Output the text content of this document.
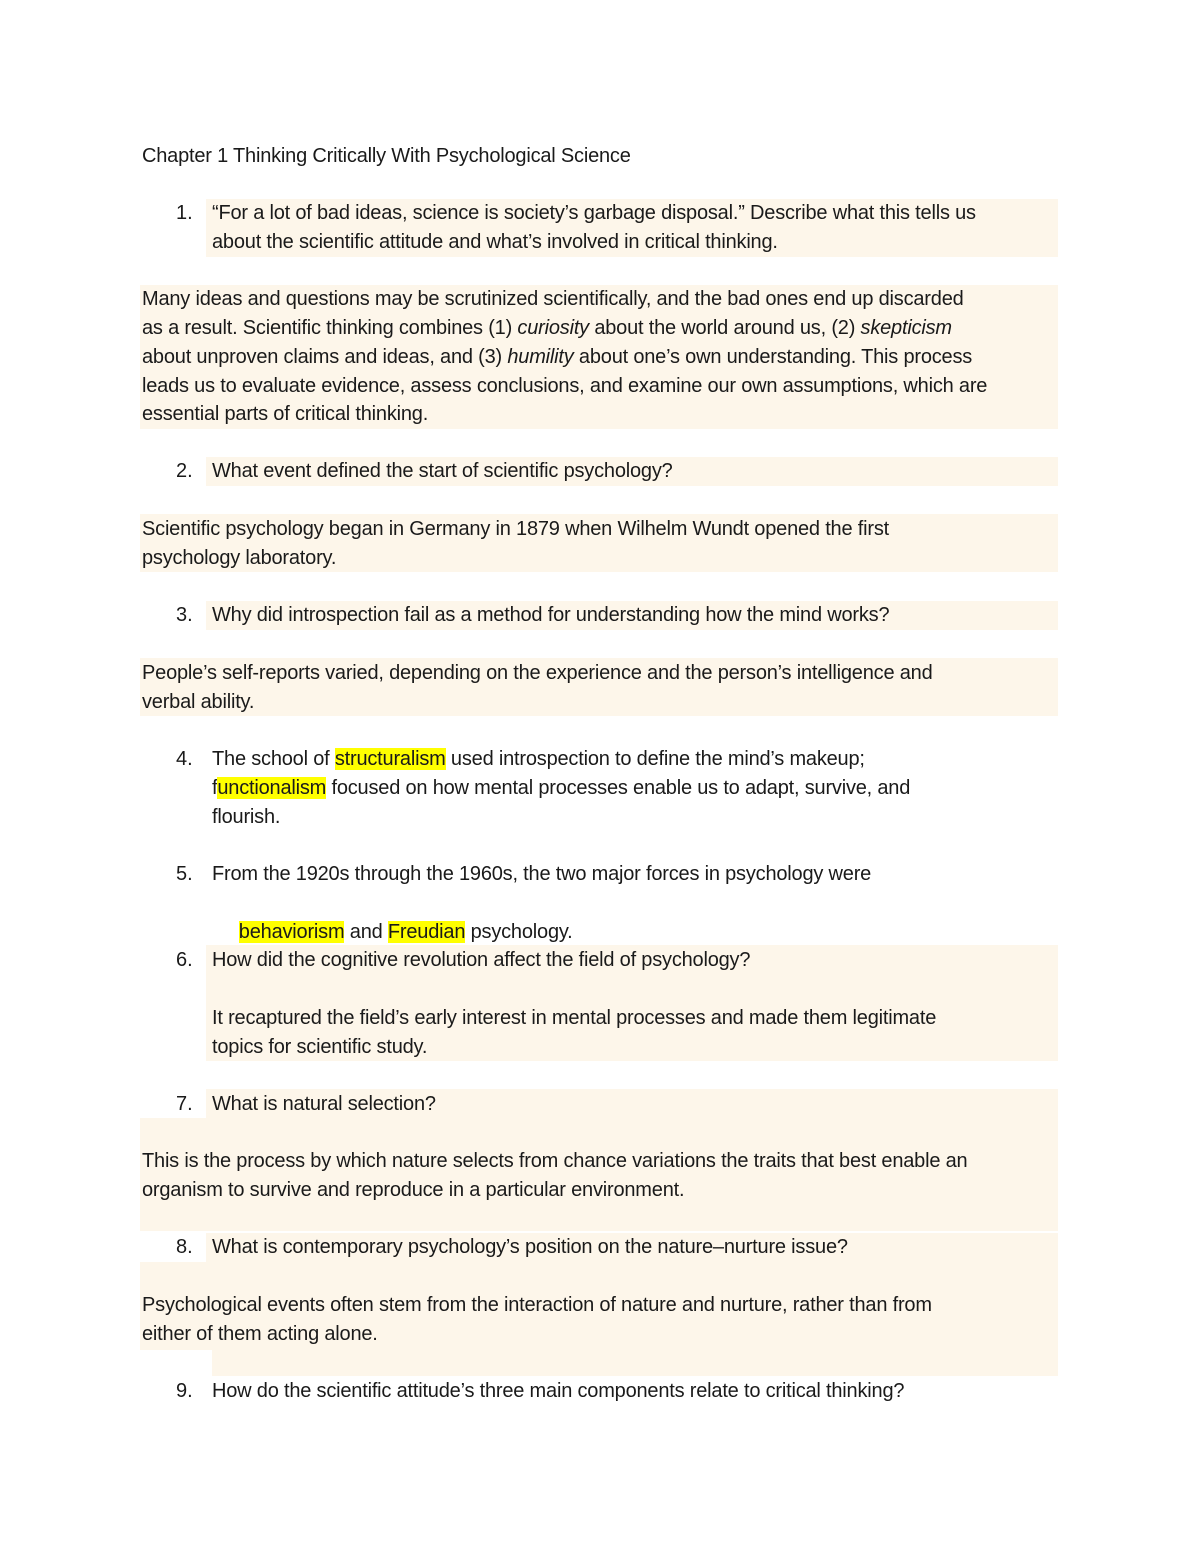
Chapter 1 Thinking Critically With Psychological Science
1. “For a lot of bad ideas, science is society’s garbage disposal.” Describe what this tells us
about the scientific attitude and what’s involved in critical thinking.
Many ideas and questions may be scrutinized scientifically, and the bad ones end up discarded
as a result. Scientific thinking combines (1) curiosity about the world around us, (2) skepticism
about unproven claims and ideas, and (3) humility about one’s own understanding. This process
leads us to evaluate evidence, assess conclusions, and examine our own assumptions, which are
essential parts of critical thinking.
2. What event defined the start of scientific psychology?
Scientific psychology began in Germany in 1879 when Wilhelm Wundt opened the first
psychology laboratory.
3. Why did introspection fail as a method for understanding how the mind works?
People’s self-reports varied, depending on the experience and the person’s intelligence and
verbal ability.
4. The school of structuralism used introspection to define the mind’s makeup;
functionalism focused on how mental processes enable us to adapt, survive, and
flourish.
5. From the 1920s through the 1960s, the two major forces in psychology were

behaviorism and Freudian psychology.

6. How did the cognitive revolution affect the field of psychology?
It recaptured the field’s early interest in mental processes and made them legitimate
topics for scientific study.
7. What is natural selection?
This is the process by which nature selects from chance variations the traits that best enable an
organism to survive and reproduce in a particular environment.
8. What is contemporary psychology’s position on the nature–nurture issue?
Psychological events often stem from the interaction of nature and nurture, rather than from
either of them acting alone.
9. How do the scientific attitude’s three main components relate to critical thinking?
